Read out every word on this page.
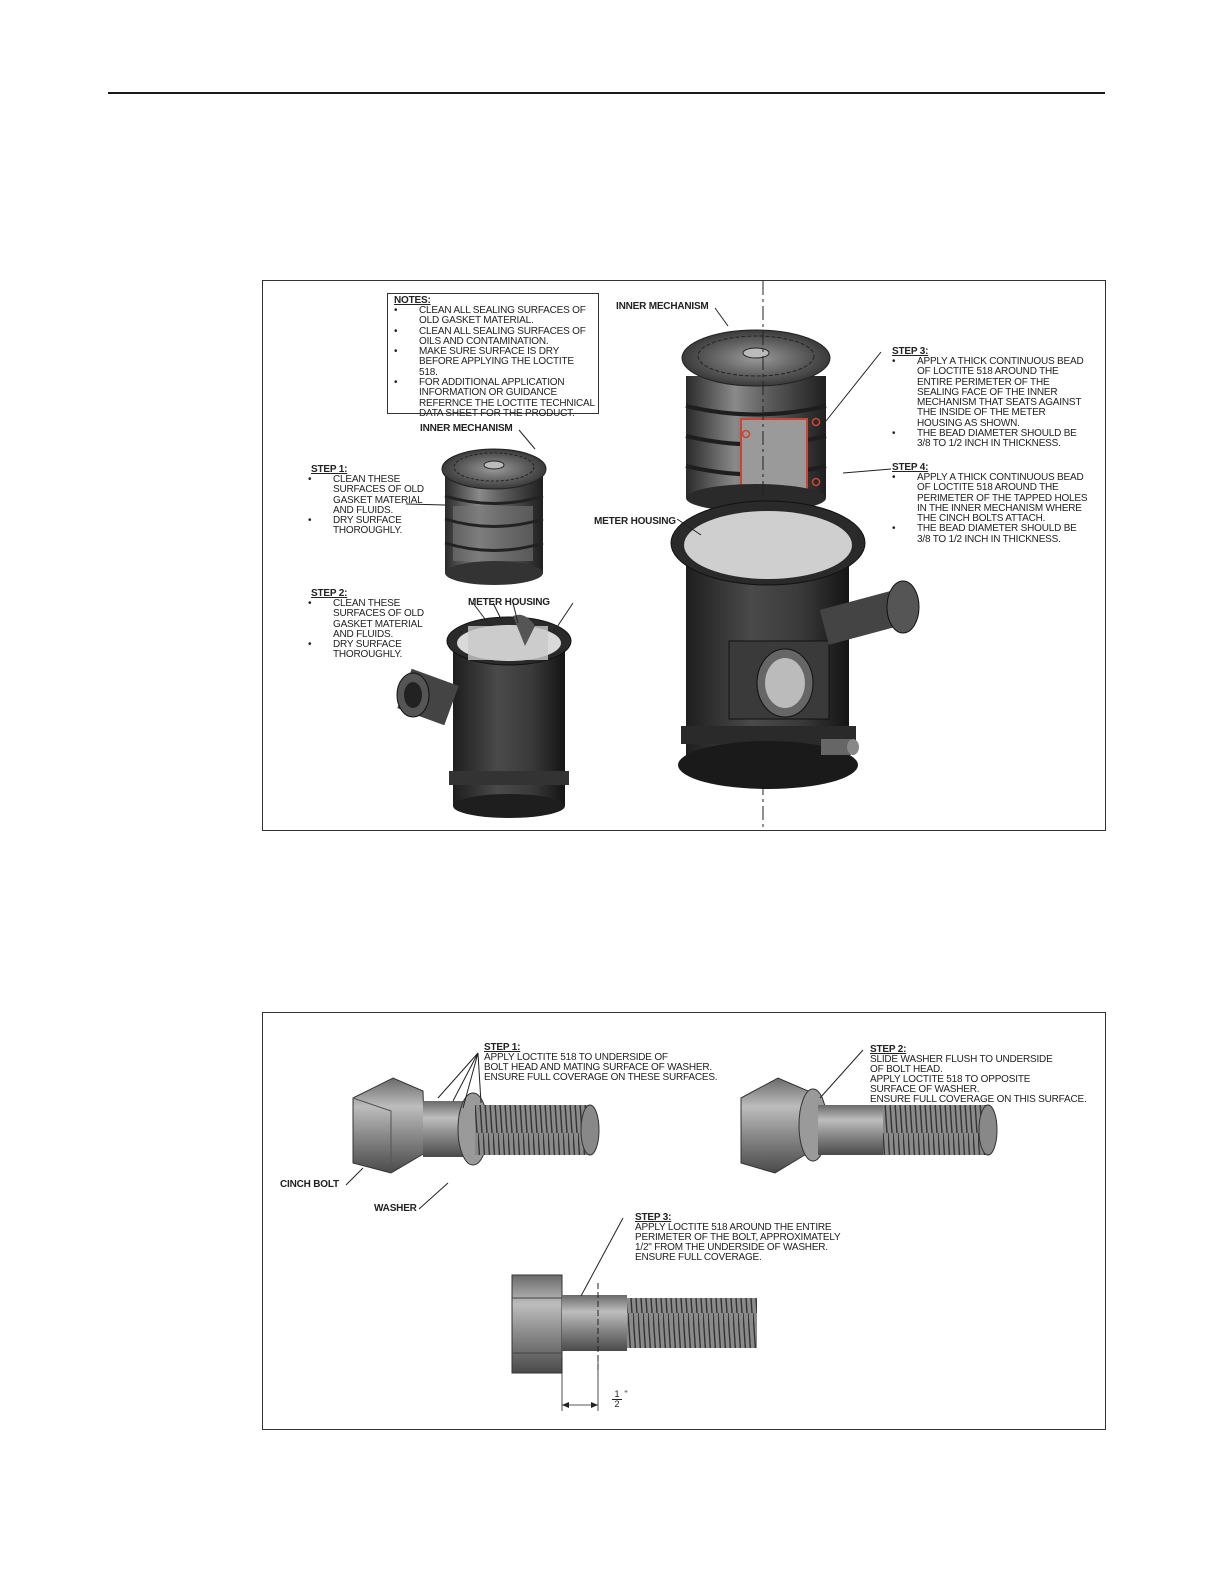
NOTES:
• CLEAN ALL SEALING SURFACES OF OLD GASKET MATERIAL.
• CLEAN ALL SEALING SURFACES OF OILS AND CONTAMINATION.
• MAKE SURE SURFACE IS DRY BEFORE APPLYING THE LOCTITE 518.
• FOR ADDITIONAL APPLICATION INFORMATION OR GUIDANCE REFERNCE THE LOCTITE TECHNICAL DATA SHEET FOR THE PRODUCT.
INNER MECHANISM
INNER MECHANISM
METER HOUSING
METER HOUSING
STEP 1:
• CLEAN THESE SURFACES OF OLD GASKET MATERIAL AND FLUIDS.
• DRY SURFACE THOROUGHLY.
STEP 2:
• CLEAN THESE SURFACES OF OLD GASKET MATERIAL AND FLUIDS.
• DRY SURFACE THOROUGHLY.
STEP 3:
• APPLY A THICK CONTINUOUS BEAD OF LOCTITE 518 AROUND THE ENTIRE PERIMETER OF THE SEALING FACE OF THE INNER MECHANISM THAT SEATS AGAINST THE INSIDE OF THE METER HOUSING AS SHOWN.
• THE BEAD DIAMETER SHOULD BE 3/8 TO 1/2 INCH IN THICKNESS.
STEP 4:
• APPLY A THICK CONTINUOUS BEAD OF LOCTITE 518 AROUND THE PERIMETER OF THE TAPPED HOLES IN THE INNER MECHANISM WHERE THE CINCH BOLTS ATTACH.
• THE BEAD DIAMETER SHOULD BE 3/8 TO 1/2 INCH IN THICKNESS.
STEP 1:
APPLY LOCTITE 518 TO UNDERSIDE OF
BOLT HEAD AND MATING SURFACE OF WASHER.
ENSURE FULL COVERAGE ON THESE SURFACES.
STEP 2:
SLIDE WASHER FLUSH TO UNDERSIDE
OF BOLT HEAD.
APPLY LOCTITE 518 TO OPPOSITE
SURFACE OF WASHER.
ENSURE FULL COVERAGE ON THIS SURFACE.
STEP 3:
APPLY LOCTITE 518 AROUND THE ENTIRE
PERIMETER OF THE BOLT, APPROXIMATELY
1/2" FROM THE UNDERSIDE OF WASHER.
ENSURE FULL COVERAGE.
CINCH BOLT
WASHER
$\frac{1}{2}$ "
